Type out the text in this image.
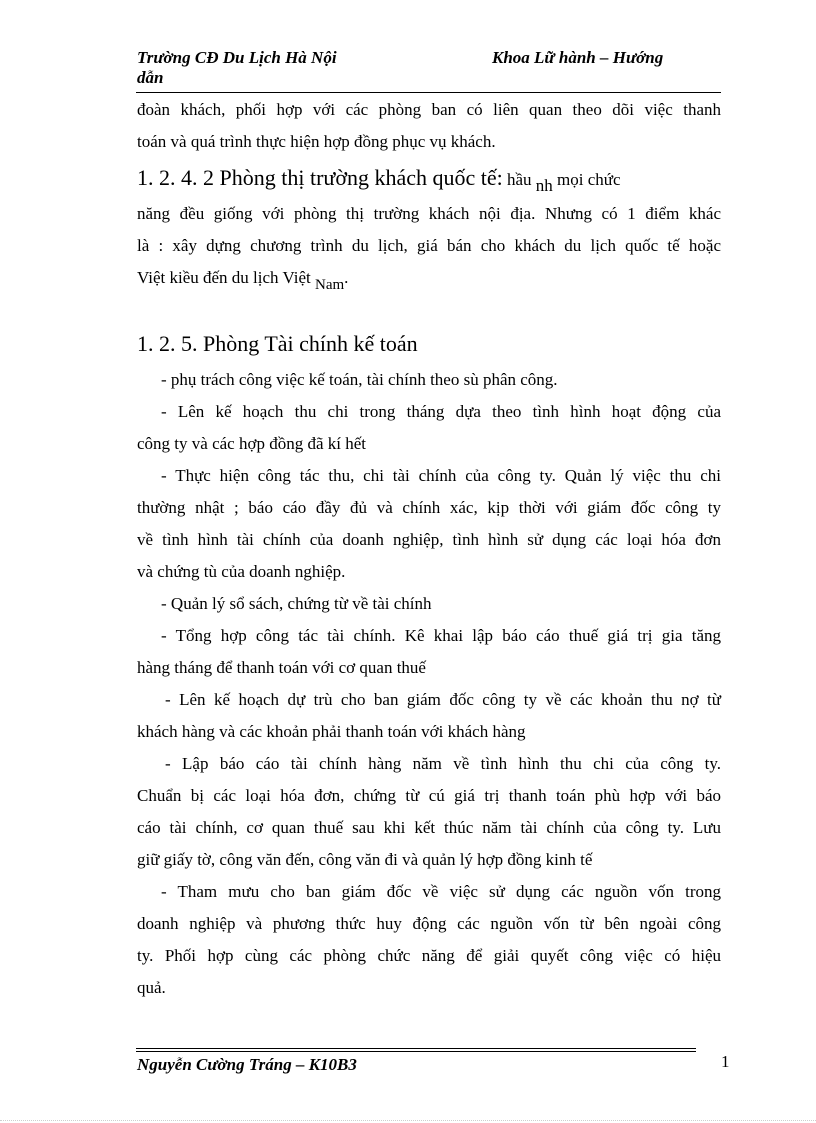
Trường CĐ Du Lịch Hà Nội
dẫn
Khoa Lữ hành – Hướng
đoàn khách, phối hợp với các phòng ban có liên quan theo dõi việc thanh
toán và quá trình thực hiện hợp đồng phục vụ khách.
1. 2. 4. 2 Phòng thị trường khách quốc tế: hầu $_{nh}$ mọi chức
năng đều giống với phòng thị trường khách nội địa. Nhưng có 1 điểm khác
là : xây dựng chương trình du lịch, giá bán cho khách du lịch quốc tế hoặc
Việt kiều đến du lịch Việt Nam.
1. 2. 5. Phòng Tài chính kế toán
- phụ trách công việc kế toán, tài chính theo sù phân công.
- Lên kế hoạch thu chi trong tháng dựa theo tình hình hoạt động của
công ty và các hợp đồng đã kí hết
- Thực hiện công tác thu, chi tài chính của công ty. Quản lý việc thu chi
thường nhật ; báo cáo đầy đủ và chính xác, kịp thời với giám đốc công ty
về tình hình tài chính của doanh nghiệp, tình hình sử dụng các loại hóa đơn
và chứng tù của doanh nghiệp.
- Quản lý sổ sách, chứng từ về tài chính
- Tổng hợp công tác tài chính. Kê khai lập báo cáo thuế giá trị gia tăng
hàng tháng để thanh toán với cơ quan thuế
- Lên kế hoạch dự trù cho ban giám đốc công ty về các khoản thu nợ từ
khách hàng và các khoản phải thanh toán với khách hàng
- Lập báo cáo tài chính hàng năm về tình hình thu chi của công ty.
Chuẩn bị các loại hóa đơn, chứng từ cú giá trị thanh toán phù hợp với báo
cáo tài chính, cơ quan thuế sau khi kết thúc năm tài chính của công ty. Lưu
giữ giấy tờ, công văn đến, công văn đi và quản lý hợp đồng kinh tế
- Tham mưu cho ban giám đốc về việc sử dụng các nguồn vốn trong
doanh nghiệp và phương thức huy động các nguồn vốn từ bên ngoài công
ty. Phối hợp cùng các phòng chức năng để giải quyết công việc có hiệu
quả.
Nguyễn Cường Tráng – K10B3	1
